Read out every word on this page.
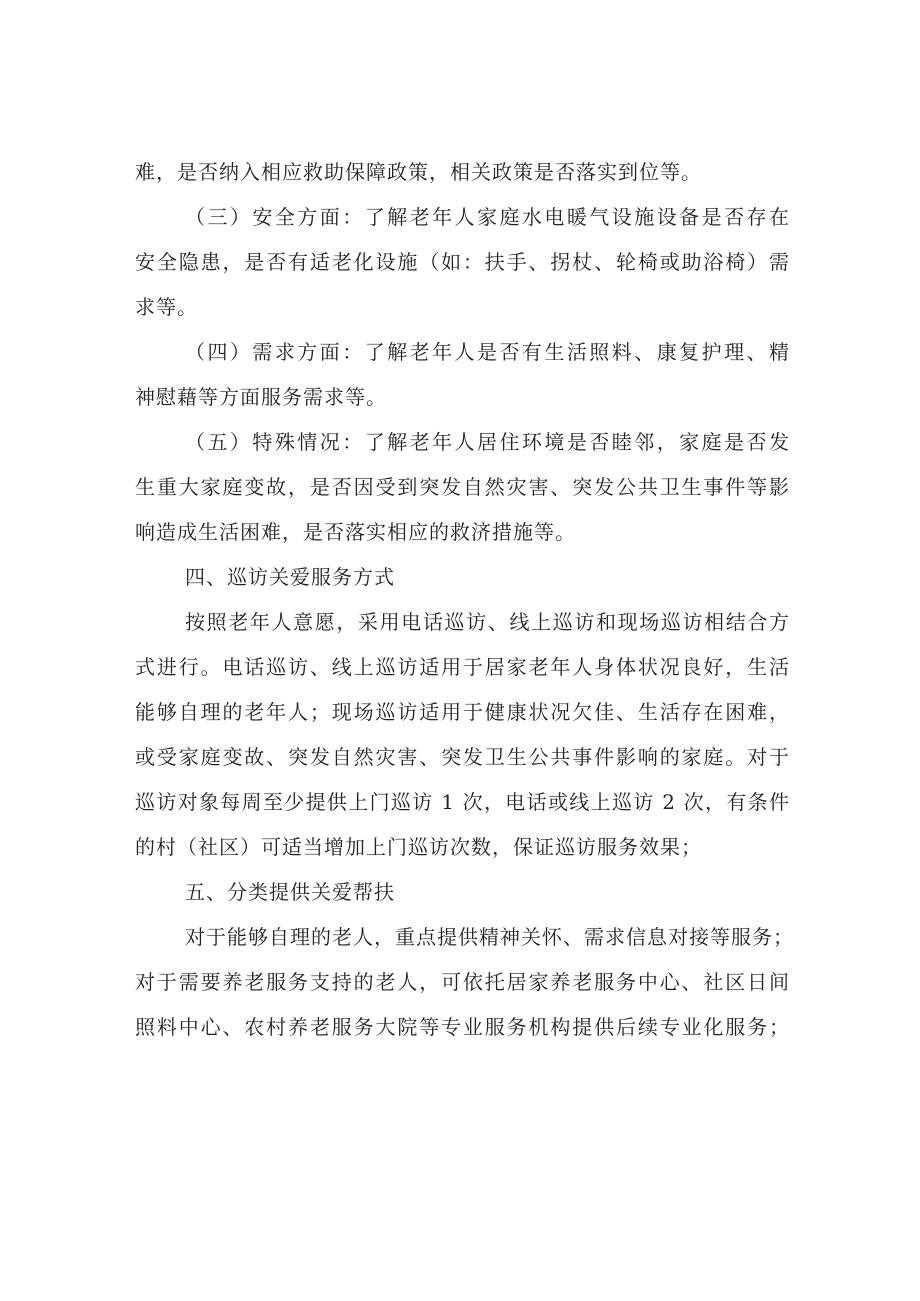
难，是否纳入相应救助保障政策，相关政策是否落实到位等。
（三）安全方面：了解老年人家庭水电暖气设施设备是否存在
安全隐患，是否有适老化设施（如：扶手、拐杖、轮椅或助浴椅）需
求等。
（四）需求方面：了解老年人是否有生活照料、康复护理、精
神慰藉等方面服务需求等。
（五）特殊情况：了解老年人居住环境是否睦邻，家庭是否发
生重大家庭变故，是否因受到突发自然灾害、突发公共卫生事件等影
响造成生活困难，是否落实相应的救济措施等。
四、巡访关爱服务方式
按照老年人意愿，采用电话巡访、线上巡访和现场巡访相结合方
式进行。电话巡访、线上巡访适用于居家老年人身体状况良好，生活
能够自理的老年人；现场巡访适用于健康状况欠佳、生活存在困难，
或受家庭变故、突发自然灾害、突发卫生公共事件影响的家庭。对于
巡访对象每周至少提供上门巡访 1 次，电话或线上巡访 2 次，有条件
的村（社区）可适当增加上门巡访次数，保证巡访服务效果；
五、分类提供关爱帮扶
对于能够自理的老人，重点提供精神关怀、需求信息对接等服务；
对于需要养老服务支持的老人，可依托居家养老服务中心、社区日间
照料中心、农村养老服务大院等专业服务机构提供后续专业化服务；
